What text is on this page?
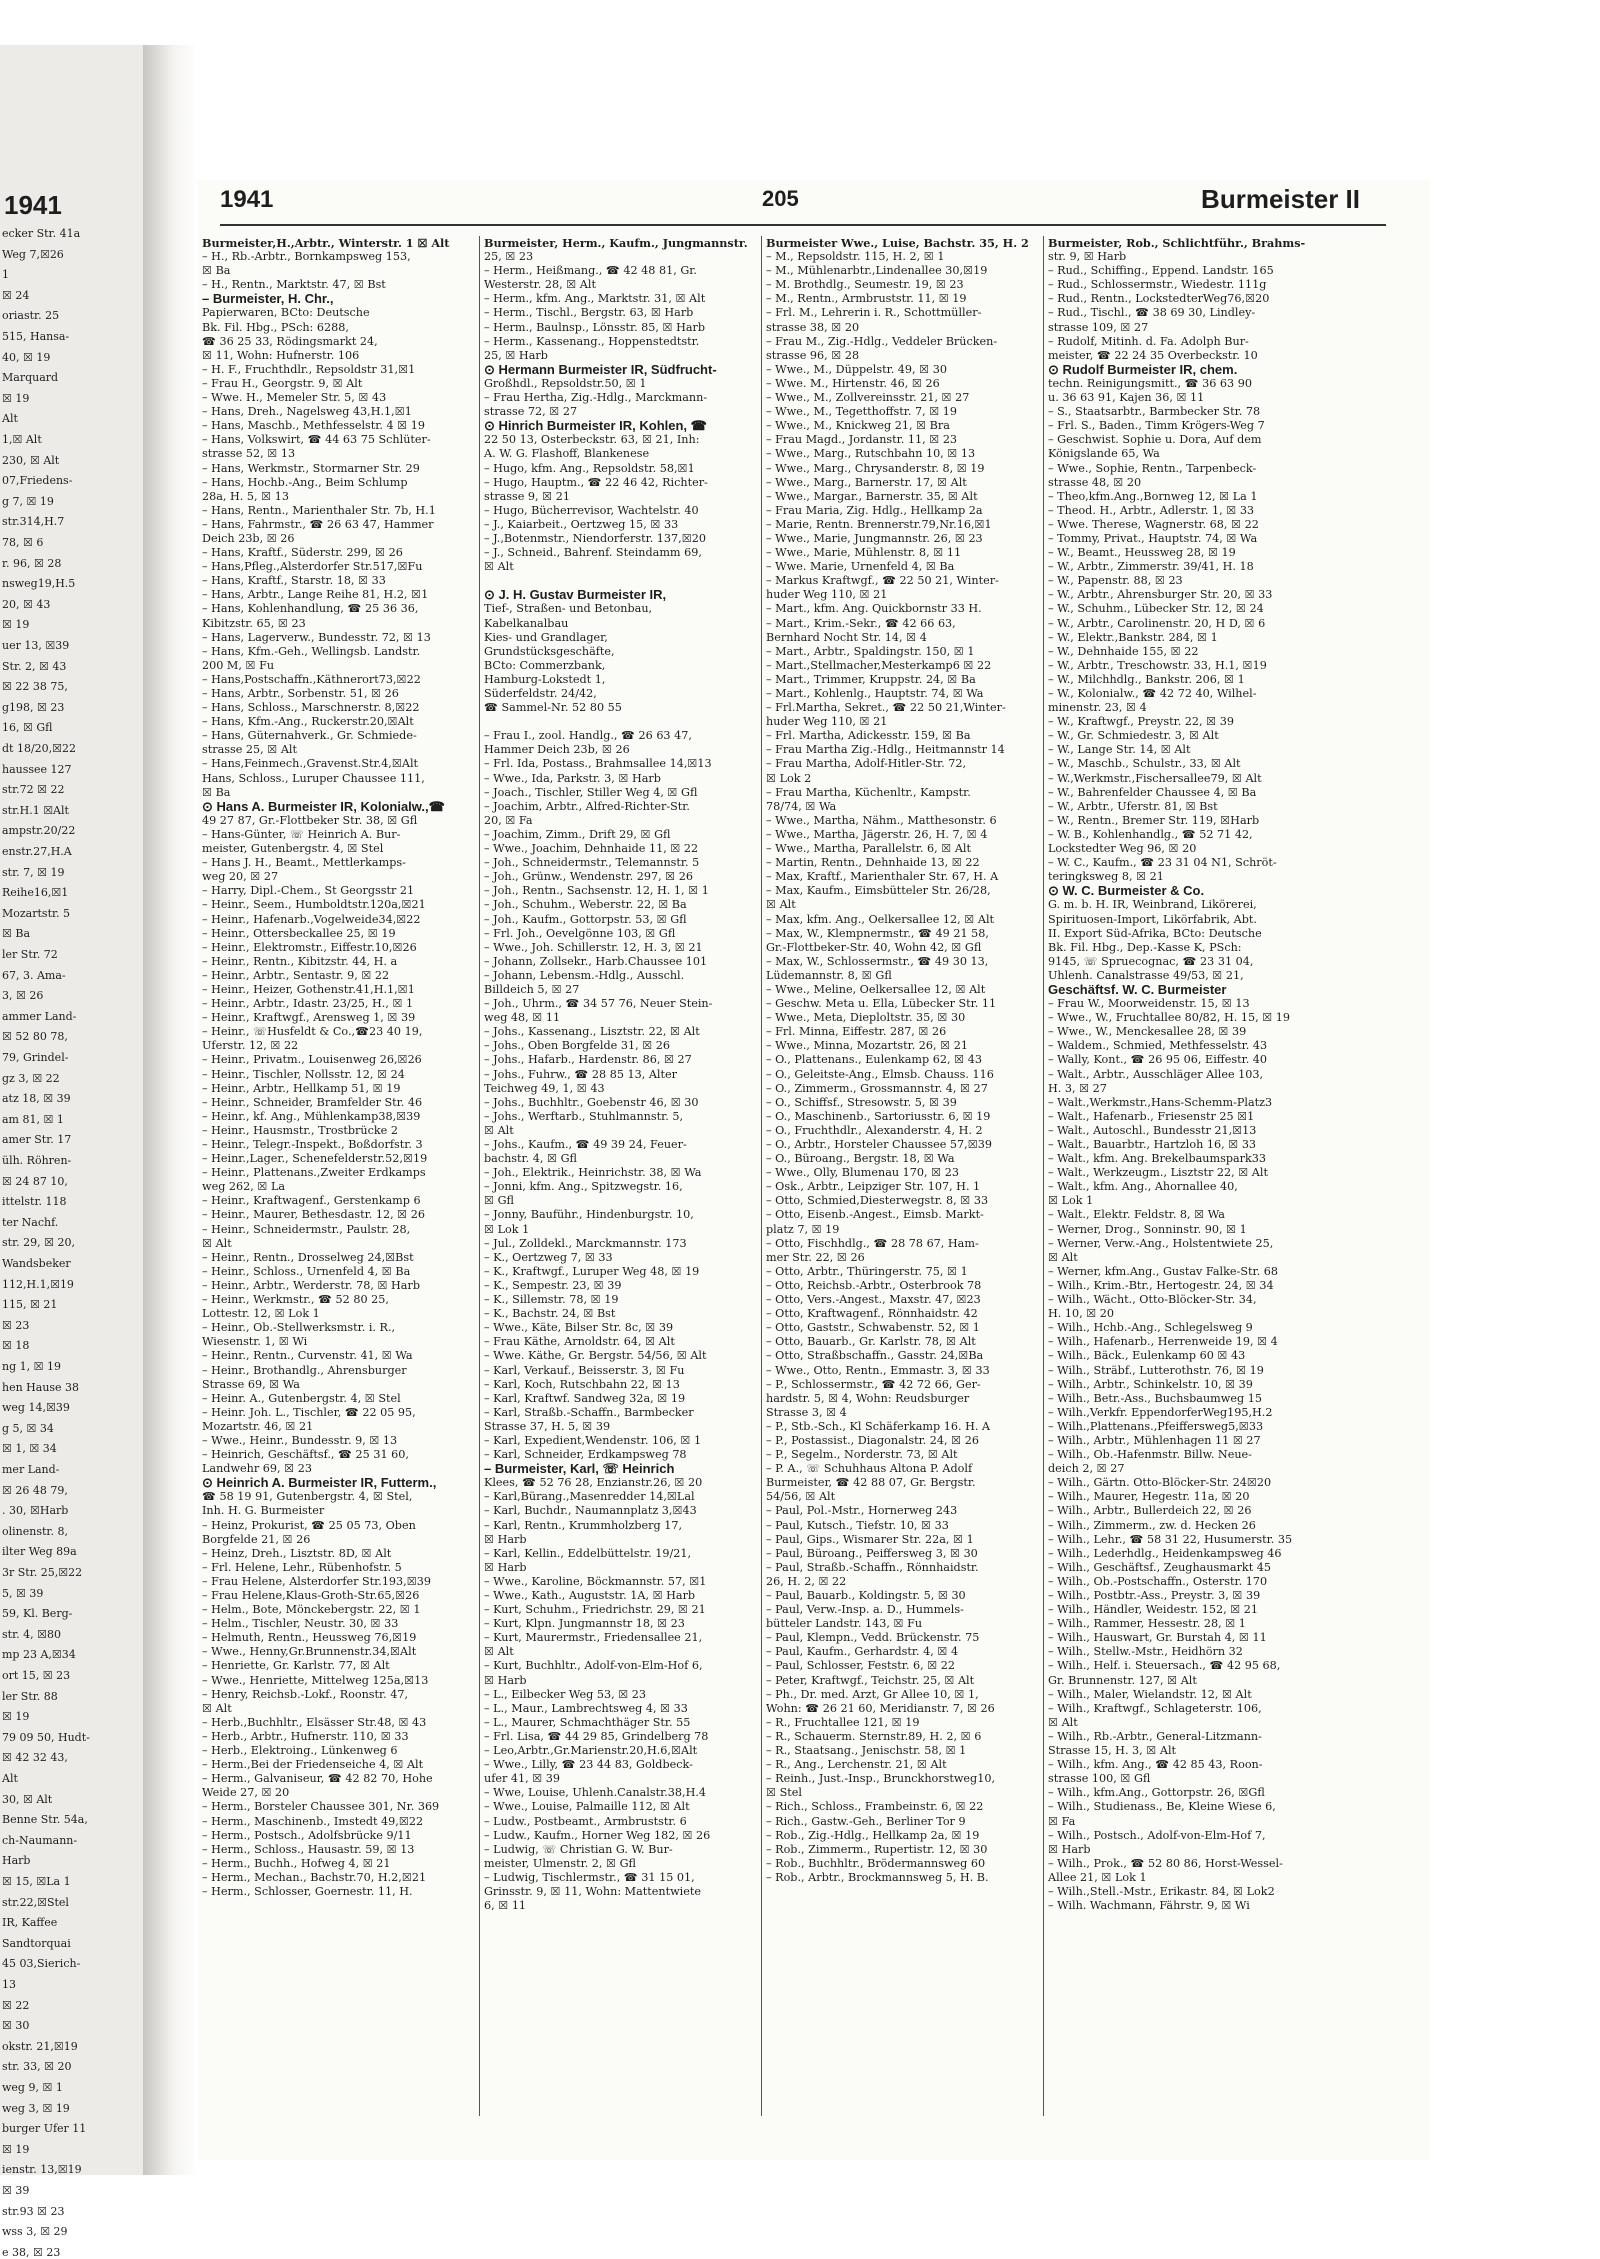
1941
ecker Str. 41a
Weg 7,☒26
1
☒ 24
oriastr. 25
515, Hansa-
40, ☒ 19
Marquard
☒ 19
Alt
1,☒ Alt
230, ☒ Alt
07,Friedens-
g 7, ☒ 19
str.314,H.7
78, ☒ 6
r. 96, ☒ 28
nsweg19,H.5
20, ☒ 43
☒ 19
uer 13, ☒39
Str. 2, ☒ 43
☒ 22 38 75,
g198, ☒ 23
16, ☒ Gfl
dt 18/20,☒22
haussee 127
str.72 ☒ 22
str.H.1 ☒Alt
ampstr.20/22
enstr.27,H.A
str. 7, ☒ 19
Reihe16,☒1
Mozartstr. 5
☒ Ba
ler Str. 72
67, 3. Ama-
3, ☒ 26
ammer Land-
☒ 52 80 78,
79, Grindel-
gz 3, ☒ 22
atz 18, ☒ 39
am 81, ☒ 1
amer Str. 17
ülh. Röhren-
☒ 24 87 10,
ittelstr. 118
ter Nachf.
str. 29, ☒ 20,
Wandsbeker
112,H.1,☒19
115, ☒ 21
☒ 23
☒ 18
ng 1, ☒ 19
hen Hause 38
weg 14,☒39
g 5, ☒ 34
☒ 1, ☒ 34
mer Land-
☒ 26 48 79,
. 30, ☒Harb
olinenstr. 8,
ilter Weg 89a
3r Str. 25,☒22
5, ☒ 39
59, Kl. Berg-
str. 4, ☒80
mp 23 A,☒34
ort 15, ☒ 23
ler Str. 88
☒ 19
79 09 50, Hudt-
☒ 42 32 43,
Alt
30, ☒ Alt
Benne Str. 54a,
ch-Naumann-
Harb
☒ 15, ☒La 1
str.22,☒Stel
IR, Kaffee
Sandtorquai
45 03,Sierich-
13
☒ 22
☒ 30
okstr. 21,☒19
str. 33, ☒ 20
weg 9, ☒ 1
weg 3, ☒ 19
burger Ufer 11
☒ 19
ienstr. 13,☒19
☒ 39
str.93 ☒ 23
wss 3, ☒ 29
e 38, ☒ 23
1941	205	Burmeister II
Burmeister,H.,Arbtr., Winterstr. 1 ☒ Alt
– H., Rb.-Arbtr., Bornkampsweg 153,
☒ Ba
– H., Rentn., Marktstr. 47, ☒ Bst
– Burmeister, H. Chr.,
Papierwaren, BCto: Deutsche
Bk. Fil. Hbg., PSch: 6288,
☎ 36 25 33, Rödingsmarkt 24,
☒ 11, Wohn: Hufnerstr. 106
– H. F., Fruchthdlr., Repsoldstr 31,☒1
– Frau H., Georgstr. 9, ☒ Alt
– Wwe. H., Memeler Str. 5, ☒ 43
– Hans, Dreh., Nagelsweg 43,H.1,☒1
– Hans, Maschb., Methfesselstr. 4 ☒ 19
– Hans, Volkswirt, ☎ 44 63 75 Schlüter-
strasse 52, ☒ 13
– Hans, Werkmstr., Stormarner Str. 29
– Hans, Hochb.-Ang., Beim Schlump
28a, H. 5, ☒ 13
– Hans, Rentn., Marienthaler Str. 7b, H.1
– Hans, Fahrmstr., ☎ 26 63 47, Hammer
Deich 23b, ☒ 26
– Hans, Kraftf., Süderstr. 299, ☒ 26
– Hans,Pfleg.,Alsterdorfer Str.517,☒Fu
– Hans, Kraftf., Starstr. 18, ☒ 33
– Hans, Arbtr., Lange Reihe 81, H.2, ☒1
– Hans, Kohlenhandlung, ☎ 25 36 36,
Kibitzstr. 65, ☒ 23
– Hans, Lagerverw., Bundesstr. 72, ☒ 13
– Hans, Kfm.-Geh., Wellingsb. Landstr.
200 M, ☒ Fu
– Hans,Postschaffn.,Käthnerort73,☒22
– Hans, Arbtr., Sorbenstr. 51, ☒ 26
– Hans, Schloss., Marschnerstr. 8,☒22
– Hans, Kfm.-Ang., Ruckerstr.20,☒Alt
– Hans, Güternahverk., Gr. Schmiede-
strasse 25, ☒ Alt
– Hans,Feinmech.,Gravenst.Str.4,☒Alt
Hans, Schloss., Luruper Chaussee 111,
☒ Ba
⊙ Hans A. Burmeister IR, Kolonialw.,☎
49 27 87, Gr.-Flottbeker Str. 38, ☒ Gfl
– Hans-Günter, ☏ Heinrich A. Bur-
meister, Gutenbergstr. 4, ☒ Stel
– Hans J. H., Beamt., Mettlerkamps-
weg 20, ☒ 27
– Harry, Dipl.-Chem., St Georgsstr 21
– Heinr., Seem., Humboldtstr.120a,☒21
– Heinr., Hafenarb.,Vogelweide34,☒22
– Heinr., Ottersbeckallee 25, ☒ 19
– Heinr., Elektromstr., Eiffestr.10,☒26
– Heinr., Rentn., Kibitzstr. 44, H. a
– Heinr., Arbtr., Sentastr. 9, ☒ 22
– Heinr., Heizer, Gothenstr.41,H.1,☒1
– Heinr., Arbtr., Idastr. 23/25, H., ☒ 1
– Heinr., Kraftwgf., Arensweg 1, ☒ 39
– Heinr., ☏Husfeldt & Co.,☎23 40 19,
Uferstr. 12, ☒ 22
– Heinr., Privatm., Louisenweg 26,☒26
– Heinr., Tischler, Nollsstr. 12, ☒ 24
– Heinr., Arbtr., Hellkamp 51, ☒ 19
– Heinr., Schneider, Bramfelder Str. 46
– Heinr., kf. Ang., Mühlenkamp38,☒39
– Heinr., Hausmstr., Trostbrücke 2
– Heinr., Telegr.-Inspekt., Boßdorfstr. 3
– Heinr.,Lager., Schenefelderstr.52,☒19
– Heinr., Plattenans.,Zweiter Erdkamps
weg 262, ☒ La
– Heinr., Kraftwagenf., Gerstenkamp 6
– Heinr., Maurer, Bethesdastr. 12, ☒ 26
– Heinr., Schneidermstr., Paulstr. 28,
☒ Alt
– Heinr., Rentn., Drosselweg 24,☒Bst
– Heinr., Schloss., Urnenfeld 4, ☒ Ba
– Heinr., Arbtr., Werderstr. 78, ☒ Harb
– Heinr., Werkmstr., ☎ 52 80 25,
Lottestr. 12, ☒ Lok 1
– Heinr., Ob.-Stellwerksmstr. i. R.,
Wiesenstr. 1, ☒ Wi
– Heinr., Rentn., Curvenstr. 41, ☒ Wa
– Heinr., Brothandlg., Ahrensburger
Strasse 69, ☒ Wa
– Heinr. A., Gutenbergstr. 4, ☒ Stel
– Heinr. Joh. L., Tischler, ☎ 22 05 95,
Mozartstr. 46, ☒ 21
– Wwe., Heinr., Bundesstr. 9, ☒ 13
– Heinrich, Geschäftsf., ☎ 25 31 60,
Landwehr 69, ☒ 23
⊙ Heinrich A. Burmeister IR, Futterm.,
☎ 58 19 91, Gutenbergstr. 4, ☒ Stel,
Inh. H. G. Burmeister
– Heinz, Prokurist, ☎ 25 05 73, Oben
Borgfelde 21, ☒ 26
– Heinz, Dreh., Lisztstr. 8D, ☒ Alt
– Frl. Helene, Lehr., Rübenhofstr. 5
– Frau Helene, Alsterdorfer Str.193,☒39
– Frau Helene,Klaus-Groth-Str.65,☒26
– Helm., Bote, Mönckebergstr. 22, ☒ 1
– Helm., Tischler, Neustr. 30, ☒ 33
– Helmuth, Rentn., Heussweg 76,☒19
– Wwe., Henny,Gr.Brunnenstr.34,☒Alt
– Henriette, Gr. Karlstr. 77, ☒ Alt
– Wwe., Henriette, Mittelweg 125a,☒13
– Henry, Reichsb.-Lokf., Roonstr. 47,
☒ Alt
– Herb.,Buchhltr., Elsässer Str.48, ☒ 43
– Herb., Arbtr., Hufnerstr. 110, ☒ 33
– Herb., Elektroing., Lünkenweg 6
– Herm.,Bei der Friedenseiche 4, ☒ Alt
– Herm., Galvaniseur, ☎ 42 82 70, Hohe
Weide 27, ☒ 20
– Herm., Borsteler Chaussee 301, Nr. 369
– Herm., Maschinenb., Imstedt 49,☒22
– Herm., Postsch., Adolfsbrücke 9/11
– Herm., Schloss., Hausastr. 59, ☒ 13
– Herm., Buchh., Hofweg 4, ☒ 21
– Herm., Mechan., Bachstr.70, H.2,☒21
– Herm., Schlosser, Goernestr. 11, H.
Burmeister, Herm., Kaufm., Jungmannstr.
25, ☒ 23
– Herm., Heißmang., ☎ 42 48 81, Gr.
Westerstr. 28, ☒ Alt
– Herm., kfm. Ang., Marktstr. 31, ☒ Alt
– Herm., Tischl., Bergstr. 63, ☒ Harb
– Herm., Baulnsp., Lönsstr. 85, ☒ Harb
– Herm., Kassenang., Hoppenstedtstr.
25, ☒ Harb
⊙ Hermann Burmeister IR, Südfrucht-
Großhdl., Repsoldstr.50, ☒ 1
– Frau Hertha, Zig.-Hdlg., Marckmann-
strasse 72, ☒ 27
⊙ Hinrich Burmeister IR, Kohlen, ☎
22 50 13, Osterbeckstr. 63, ☒ 21, Inh:
A. W. G. Flashoff, Blankenese
– Hugo, kfm. Ang., Repsoldstr. 58,☒1
– Hugo, Hauptm., ☎ 22 46 42, Richter-
strasse 9, ☒ 21
– Hugo, Bücherrevisor, Wachtelstr. 40
– J., Kaiarbeit., Oertzweg 15, ☒ 33
– J.,Botenmstr., Niendorferstr. 137,☒20
– J., Schneid., Bahrenf. Steindamm 69,
☒ Alt

⊙ J. H. Gustav Burmeister IR,
Tief-, Straßen- und Betonbau,
Kabelkanalbau
Kies- und Grandlager,
Grundstücksgeschäfte,
BCto: Commerzbank,
Hamburg-Lokstedt 1,
Süderfeldstr. 24/42,
☎ Sammel-Nr. 52 80 55

– Frau I., zool. Handlg., ☎ 26 63 47,
Hammer Deich 23b, ☒ 26
– Frl. Ida, Postass., Brahmsallee 14,☒13
– Wwe., Ida, Parkstr. 3, ☒ Harb
– Joach., Tischler, Stiller Weg 4, ☒ Gfl
– Joachim, Arbtr., Alfred-Richter-Str.
20, ☒ Fa
– Joachim, Zimm., Drift 29, ☒ Gfl
– Wwe., Joachim, Dehnhaide 11, ☒ 22
– Joh., Schneidermstr., Telemannstr. 5
– Joh., Grünw., Wendenstr. 297, ☒ 26
– Joh., Rentn., Sachsenstr. 12, H. 1, ☒ 1
– Joh., Schuhm., Weberstr. 22, ☒ Ba
– Joh., Kaufm., Gottorpstr. 53, ☒ Gfl
– Frl. Joh., Oevelgönne 103, ☒ Gfl
– Wwe., Joh. Schillerstr. 12, H. 3, ☒ 21
– Johann, Zollsekr., Harb.Chaussee 101
– Johann, Lebensm.-Hdlg., Ausschl.
Billdeich 5, ☒ 27
– Joh., Uhrm., ☎ 34 57 76, Neuer Stein-
weg 48, ☒ 11
– Johs., Kassenang., Lisztstr. 22, ☒ Alt
– Johs., Oben Borgfelde 31, ☒ 26
– Johs., Hafarb., Hardenstr. 86, ☒ 27
– Johs., Fuhrw., ☎ 28 85 13, Alter
Teichweg 49, 1, ☒ 43
– Johs., Buchhltr., Goebenstr 46, ☒ 30
– Johs., Werftarb., Stuhlmannstr. 5,
☒ Alt
– Johs., Kaufm., ☎ 49 39 24, Feuer-
bachstr. 4, ☒ Gfl
– Joh., Elektrik., Heinrichstr. 38, ☒ Wa
– Jonni, kfm. Ang., Spitzwegstr. 16,
☒ Gfl
– Jonny, Bauführ., Hindenburgstr. 10,
☒ Lok 1
– Jul., Zolldekl., Marckmannstr. 173
– K., Oertzweg 7, ☒ 33
– K., Kraftwgf., Luruper Weg 48, ☒ 19
– K., Sempestr. 23, ☒ 39
– K., Sillemstr. 78, ☒ 19
– K., Bachstr. 24, ☒ Bst
– Wwe., Käte, Bilser Str. 8c, ☒ 39
– Frau Käthe, Arnoldstr. 64, ☒ Alt
– Wwe. Käthe, Gr. Bergstr. 54/56, ☒ Alt
– Karl, Verkauf., Beisserstr. 3, ☒ Fu
– Karl, Koch, Rutschbahn 22, ☒ 13
– Karl, Kraftwf. Sandweg 32a, ☒ 19
– Karl, Straßb.-Schaffn., Barmbecker
Strasse 37, H. 5, ☒ 39
– Karl, Expedient,Wendenstr. 106, ☒ 1
– Karl, Schneider, Erdkampsweg 78
– Burmeister, Karl, ☏ Heinrich
Klees, ☎ 52 76 28, Enzianstr.26, ☒ 20
– Karl,Bürang.,Masenredder 14,☒Lal
– Karl, Buchdr., Naumannplatz 3,☒43
– Karl, Rentn., Krummholzberg 17,
☒ Harb
– Karl, Kellin., Eddelbüttelstr. 19/21,
☒ Harb
– Wwe., Karoline, Böckmannstr. 57, ☒1
– Wwe., Kath., Auguststr. 1A, ☒ Harb
– Kurt, Schuhm., Friedrichstr. 29, ☒ 21
– Kurt, Klpn. Jungmannstr 18, ☒ 23
– Kurt, Maurermstr., Friedensallee 21,
☒ Alt
– Kurt, Buchhltr., Adolf-von-Elm-Hof 6,
☒ Harb
– L., Eilbecker Weg 53, ☒ 23
– L., Maur., Lambrechtsweg 4, ☒ 33
– L., Maurer, Schmachthäger Str. 55
– Frl. Lisa, ☎ 44 29 85, Grindelberg 78
– Leo,Arbtr.,Gr.Marienstr.20,H.6,☒Alt
– Wwe., Lilly, ☎ 23 44 83, Goldbeck-
ufer 41, ☒ 39
– Wwe, Louise, Uhlenh.Canalstr.38,H.4
– Wwe., Louise, Palmaille 112, ☒ Alt
– Ludw., Postbeamt., Armbruststr. 6
– Ludw., Kaufm., Horner Weg 182, ☒ 26
– Ludwig, ☏ Christian G. W. Bur-
meister, Ulmenstr. 2, ☒ Gfl
– Ludwig, Tischlermstr., ☎ 31 15 01,
Grinsstr. 9, ☒ 11, Wohn: Mattentwiete
6, ☒ 11
Burmeister Wwe., Luise, Bachstr. 35, H. 2
– M., Repsoldstr. 115, H. 2, ☒ 1
– M., Mühlenarbtr.,Lindenallee 30,☒19
– M. Brothdlg., Seumestr. 19, ☒ 23
– M., Rentn., Armbruststr. 11, ☒ 19
– Frl. M., Lehrerin i. R., Schottmüller-
strasse 38, ☒ 20
– Frau M., Zig.-Hdlg., Veddeler Brücken-
strasse 96, ☒ 28
– Wwe., M., Düppelstr. 49, ☒ 30
– Wwe. M., Hirtenstr. 46, ☒ 26
– Wwe., M., Zollvereinsstr. 21, ☒ 27
– Wwe., M., Tegetthoffstr. 7, ☒ 19
– Wwe., M., Knickweg 21, ☒ Bra
– Frau Magd., Jordanstr. 11, ☒ 23
– Wwe., Marg., Rutschbahn 10, ☒ 13
– Wwe., Marg., Chrysanderstr. 8, ☒ 19
– Wwe., Marg., Barnerstr. 17, ☒ Alt
– Wwe., Margar., Barnerstr. 35, ☒ Alt
– Frau Maria, Zig. Hdlg., Hellkamp 2a
– Marie, Rentn. Brennerstr.79,Nr.16,☒1
– Wwe., Marie, Jungmannstr. 26, ☒ 23
– Wwe., Marie, Mühlenstr. 8, ☒ 11
– Wwe. Marie, Urnenfeld 4, ☒ Ba
– Markus Kraftwgf., ☎ 22 50 21, Winter-
huder Weg 110, ☒ 21
– Mart., kfm. Ang. Quickbornstr 33 H.
– Mart., Krim.-Sekr., ☎ 42 66 63,
Bernhard Nocht Str. 14, ☒ 4
– Mart., Arbtr., Spaldingstr. 150, ☒ 1
– Mart.,Stellmacher,Mesterkamp6 ☒ 22
– Mart., Trimmer, Kruppstr. 24, ☒ Ba
– Mart., Kohlenlg., Hauptstr. 74, ☒ Wa
– Frl.Martha, Sekret., ☎ 22 50 21,Winter-
huder Weg 110, ☒ 21
– Frl. Martha, Adickesstr. 159, ☒ Ba
– Frau Martha Zig.-Hdlg., Heitmannstr 14
– Frau Martha, Adolf-Hitler-Str. 72,
☒ Lok 2
– Frau Martha, Küchenltr., Kampstr.
78/74, ☒ Wa
– Wwe., Martha, Nähm., Matthesonstr. 6
– Wwe., Martha, Jägerstr. 26, H. 7, ☒ 4
– Wwe., Martha, Parallelstr. 6, ☒ Alt
– Martin, Rentn., Dehnhaide 13, ☒ 22
– Max, Kraftf., Marienthaler Str. 67, H. A
– Max, Kaufm., Eimsbütteler Str. 26/28,
☒ Alt
– Max, kfm. Ang., Oelkersallee 12, ☒ Alt
– Max, W., Klempnermstr., ☎ 49 21 58,
Gr.-Flottbeker-Str. 40, Wohn 42, ☒ Gfl
– Max, W., Schlossermstr., ☎ 49 30 13,
Lüdemannstr. 8, ☒ Gfl
– Wwe., Meline, Oelkersallee 12, ☒ Alt
– Geschw. Meta u. Ella, Lübecker Str. 11
– Wwe., Meta, Dieploltstr. 35, ☒ 30
– Frl. Minna, Eiffestr. 287, ☒ 26
– Wwe., Minna, Mozartstr. 26, ☒ 21
– O., Plattenans., Eulenkamp 62, ☒ 43
– O., Geleitste-Ang., Elmsb. Chauss. 116
– O., Zimmerm., Grossmannstr. 4, ☒ 27
– O., Schiffsf., Stresowstr. 5, ☒ 39
– O., Maschinenb., Sartoriusstr. 6, ☒ 19
– O., Fruchthdlr., Alexanderstr. 4, H. 2
– O., Arbtr., Horsteler Chaussee 57,☒39
– O., Büroang., Bergstr. 18, ☒ Wa
– Wwe., Olly, Blumenau 170, ☒ 23
– Osk., Arbtr., Leipziger Str. 107, H. 1
– Otto, Schmied,Diesterwegstr. 8, ☒ 33
– Otto, Eisenb.-Angest., Eimsb. Markt-
platz 7, ☒ 19
– Otto, Fischhdlg., ☎ 28 78 67, Ham-
mer Str. 22, ☒ 26
– Otto, Arbtr., Thüringerstr. 75, ☒ 1
– Otto, Reichsb.-Arbtr., Osterbrook 78
– Otto, Vers.-Angest., Maxstr. 47, ☒23
– Otto, Kraftwagenf., Rönnhaidstr. 42
– Otto, Gaststr., Schwabenstr. 52, ☒ 1
– Otto, Bauarb., Gr. Karlstr. 78, ☒ Alt
– Otto, Straßbschaffn., Gasstr. 24,☒Ba
– Wwe., Otto, Rentn., Emmastr. 3, ☒ 33
– P., Schlossermstr., ☎ 42 72 66, Ger-
hardstr. 5, ☒ 4, Wohn: Reudsburger
Strasse 3, ☒ 4
– P., Stb.-Sch., Kl Schäferkamp 16. H. A
– P., Postassist., Diagonalstr. 24, ☒ 26
– P., Segelm., Norderstr. 73, ☒ Alt
– P. A., ☏ Schuhhaus Altona P. Adolf
Burmeister, ☎ 42 88 07, Gr. Bergstr.
54/56, ☒ Alt
– Paul, Pol.-Mstr., Hornerweg 243
– Paul, Kutsch., Tiefstr. 10, ☒ 33
– Paul, Gips., Wismarer Str. 22a, ☒ 1
– Paul, Büroang., Peiffersweg 3, ☒ 30
– Paul, Straßb.-Schaffn., Rönnhaidstr.
26, H. 2, ☒ 22
– Paul, Bauarb., Koldingstr. 5, ☒ 30
– Paul, Verw.-Insp. a. D., Hummels-
bütteler Landstr. 143, ☒ Fu
– Paul, Klempn., Vedd. Brückenstr. 75
– Paul, Kaufm., Gerhardstr. 4, ☒ 4
– Paul, Schlosser, Feststr. 6, ☒ 22
– Peter, Kraftwgf., Teichstr. 25, ☒ Alt
– Ph., Dr. med. Arzt, Gr Allee 10, ☒ 1,
Wohn: ☎ 26 21 60, Meridianstr. 7, ☒ 26
– R., Fruchtallee 121, ☒ 19
– R., Schauerm. Sternstr.89, H. 2, ☒ 6
– R., Staatsang., Jenischstr. 58, ☒ 1
– R., Ang., Lerchenstr. 21, ☒ Alt
– Reinh., Just.-Insp., Brunckhorstweg10,
☒ Stel
– Rich., Schloss., Frambeinstr. 6, ☒ 22
– Rich., Gastw.-Geh., Berliner Tor 9
– Rob., Zig.-Hdlg., Hellkamp 2a, ☒ 19
– Rob., Zimmerm., Rupertistr. 12, ☒ 30
– Rob., Buchhltr., Brödermannsweg 60
– Rob., Arbtr., Brockmannsweg 5, H. B.
Burmeister, Rob., Schlichtführ., Brahms-
str. 9, ☒ Harb
– Rud., Schiffing., Eppend. Landstr. 165
– Rud., Schlossermstr., Wiedestr. 111g
– Rud., Rentn., LockstedterWeg76,☒20
– Rud., Tischl., ☎ 38 69 30, Lindley-
strasse 109, ☒ 27
– Rudolf, Mitinh. d. Fa. Adolph Bur-
meister, ☎ 22 24 35 Overbeckstr. 10
⊙ Rudolf Burmeister IR, chem.
techn. Reinigungsmitt., ☎ 36 63 90
u. 36 63 91, Kajen 36, ☒ 11
– S., Staatsarbtr., Barmbecker Str. 78
– Frl. S., Baden., Timm Krögers-Weg 7
– Geschwist. Sophie u. Dora, Auf dem
Königslande 65, Wa
– Wwe., Sophie, Rentn., Tarpenbeck-
strasse 48, ☒ 20
– Theo,kfm.Ang.,Bornweg 12, ☒ La 1
– Theod. H., Arbtr., Adlerstr. 1, ☒ 33
– Wwe. Therese, Wagnerstr. 68, ☒ 22
– Tommy, Privat., Hauptstr. 74, ☒ Wa
– W., Beamt., Heussweg 28, ☒ 19
– W., Arbtr., Zimmerstr. 39/41, H. 18
– W., Papenstr. 88, ☒ 23
– W., Arbtr., Ahrensburger Str. 20, ☒ 33
– W., Schuhm., Lübecker Str. 12, ☒ 24
– W., Arbtr., Carolinenstr. 20, H D, ☒ 6
– W., Elektr.,Bankstr. 284, ☒ 1
– W., Dehnhaide 155, ☒ 22
– W., Arbtr., Treschowstr. 33, H.1, ☒19
– W., Milchhdlg., Bankstr. 206, ☒ 1
– W., Kolonialw., ☎ 42 72 40, Wilhel-
minenstr. 23, ☒ 4
– W., Kraftwgf., Preystr. 22, ☒ 39
– W., Gr. Schmiedestr. 3, ☒ Alt
– W., Lange Str. 14, ☒ Alt
– W., Maschb., Schulstr., 33, ☒ Alt
– W.,Werkmstr.,Fischersallee79, ☒ Alt
– W., Bahrenfelder Chaussee 4, ☒ Ba
– W., Arbtr., Uferstr. 81, ☒ Bst
– W., Rentn., Bremer Str. 119, ☒Harb
– W. B., Kohlenhandlg., ☎ 52 71 42,
Lockstedter Weg 96, ☒ 20
– W. C., Kaufm., ☎ 23 31 04 N1, Schröt-
teringksweg 8, ☒ 21
⊙ W. C. Burmeister & Co.
G. m. b. H. IR, Weinbrand, Likörerei,
Spirituosen-Import, Likörfabrik, Abt.
II. Export Süd-Afrika, BCto: Deutsche
Bk. Fil. Hbg., Dep.-Kasse K, PSch:
9145, ☏ Spruecognac, ☎ 23 31 04,
Uhlenh. Canalstrasse 49/53, ☒ 21,
Geschäftsf. W. C. Burmeister
– Frau W., Moorweidenstr. 15, ☒ 13
– Wwe., W., Fruchtallee 80/82, H. 15, ☒ 19
– Wwe., W., Menckesallee 28, ☒ 39
– Waldem., Schmied, Methfesselstr. 43
– Wally, Kont., ☎ 26 95 06, Eiffestr. 40
– Walt., Arbtr., Ausschläger Allee 103,
H. 3, ☒ 27
– Walt.,Werkmstr.,Hans-Schemm-Platz3
– Walt., Hafenarb., Friesenstr 25 ☒1
– Walt., Autoschl., Bundesstr 21,☒13
– Walt., Bauarbtr., Hartzloh 16, ☒ 33
– Walt., kfm. Ang. Brekelbaumspark33
– Walt., Werkzeugm., Lisztstr 22, ☒ Alt
– Walt., kfm. Ang., Ahornallee 40,
☒ Lok 1
– Walt., Elektr. Feldstr. 8, ☒ Wa
– Werner, Drog., Sonninstr. 90, ☒ 1
– Werner, Verw.-Ang., Holstentwiete 25,
☒ Alt
– Werner, kfm.Ang., Gustav Falke-Str. 68
– Wilh., Krim.-Btr., Hertogestr. 24, ☒ 34
– Wilh., Wächt., Otto-Blöcker-Str. 34,
H. 10, ☒ 20
– Wilh., Hchb.-Ang., Schlegelsweg 9
– Wilh., Hafenarb., Herrenweide 19, ☒ 4
– Wilh., Bäck., Eulenkamp 60 ☒ 43
– Wilh., Sträbf., Lutterothstr. 76, ☒ 19
– Wilh., Arbtr., Schinkelstr. 10, ☒ 39
– Wilh., Betr.-Ass., Buchsbaumweg 15
– Wilh.,Verkfr. EppendorferWeg195,H.2
– Wilh.,Plattenans.,Pfeiffersweg5,☒33
– Wilh., Arbtr., Mühlenhagen 11 ☒ 27
– Wilh., Ob.-Hafenmstr. Billw. Neue-
deich 2, ☒ 27
– Wilh., Gärtn. Otto-Blöcker-Str. 24☒20
– Wilh., Maurer, Hegestr. 11a, ☒ 20
– Wilh., Arbtr., Bullerdeich 22, ☒ 26
– Wilh., Zimmerm., zw. d. Hecken 26
– Wilh., Lehr., ☎ 58 31 22, Husumerstr. 35
– Wilh., Lederhdlg., Heidenkampsweg 46
– Wilh., Geschäftsf., Zeughausmarkt 45
– Wilh., Ob.-Postschaffn., Osterstr. 170
– Wilh., Postbtr.-Ass., Preystr. 3, ☒ 39
– Wilh., Händler, Weidestr. 152, ☒ 21
– Wilh., Rammer, Hessestr. 28, ☒ 1
– Wilh., Hauswart, Gr. Burstah 4, ☒ 11
– Wilh., Stellw.-Mstr., Heidhörn 32
– Wilh., Helf. i. Steuersach., ☎ 42 95 68,
Gr. Brunnenstr. 127, ☒ Alt
– Wilh., Maler, Wielandstr. 12, ☒ Alt
– Wilh., Kraftwgf., Schlageterstr. 106,
☒ Alt
– Wilh., Rb.-Arbtr., General-Litzmann-
Strasse 15, H. 3, ☒ Alt
– Wilh., kfm. Ang., ☎ 42 85 43, Roon-
strasse 100, ☒ Gfl
– Wilh., kfm.Ang., Gottorpstr. 26, ☒Gfl
– Wilh., Studienass., Be, Kleine Wiese 6,
☒ Fa
– Wilh., Postsch., Adolf-von-Elm-Hof 7,
☒ Harb
– Wilh., Prok., ☎ 52 80 86, Horst-Wessel-
Allee 21, ☒ Lok 1
– Wilh.,Stell.-Mstr., Erikastr. 84, ☒ Lok2
– Wilh. Wachmann, Fährstr. 9, ☒ Wi
